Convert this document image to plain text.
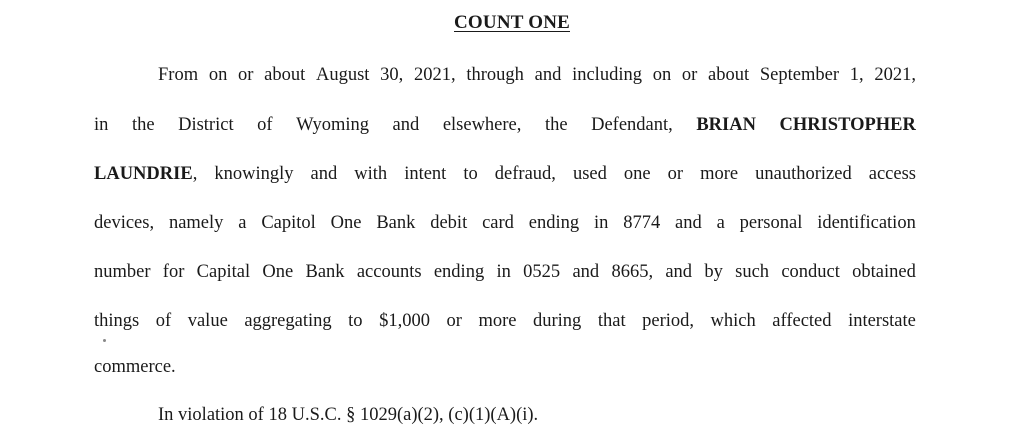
COUNT ONE
From on or about August 30, 2021, through and including on or about September 1, 2021,
in the District of Wyoming and elsewhere, the Defendant, BRIAN CHRISTOPHER
LAUNDRIE, knowingly and with intent to defraud, used one or more unauthorized access
devices, namely a Capitol One Bank debit card ending in 8774 and a personal identification
number for Capital One Bank accounts ending in 0525 and 8665, and by such conduct obtained
things of value aggregating to $1,000 or more during that period, which affected interstate
commerce.
In violation of 18 U.S.C. § 1029(a)(2), (c)(1)(A)(i).
